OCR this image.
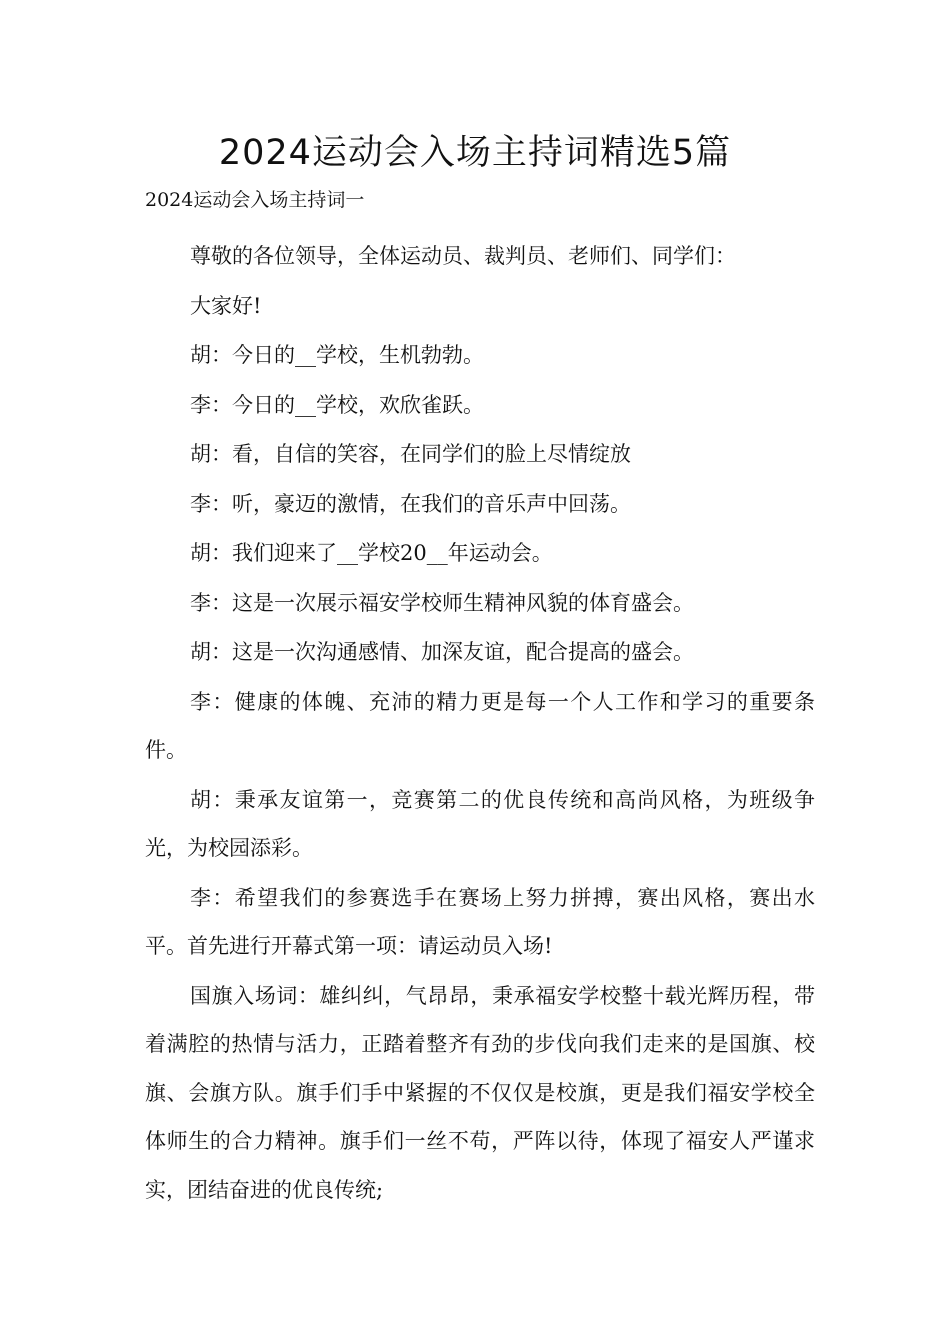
2024运动会入场主持词精选5篇
2024运动会入场主持词一

尊敬的各位领导，全体运动员、裁判员、老师们、同学们：

大家好!

胡：今日的__学校，生机勃勃。

李：今日的__学校，欢欣雀跃。

胡：看，自信的笑容，在同学们的脸上尽情绽放

李：听，豪迈的激情，在我们的音乐声中回荡。

胡：我们迎来了__学校20__年运动会。

李：这是一次展示福安学校师生精神风貌的体育盛会。

胡：这是一次沟通感情、加深友谊，配合提高的盛会。

李：健康的体魄、充沛的精力更是每一个人工作和学习的重要条件。

胡：秉承友谊第一，竞赛第二的优良传统和高尚风格，为班级争光，为校园添彩。

李：希望我们的参赛选手在赛场上努力拼搏，赛出风格，赛出水平。首先进行开幕式第一项：请运动员入场!

国旗入场词：雄纠纠，气昂昂，秉承福安学校整十载光辉历程，带着满腔的热情与活力，正踏着整齐有劲的步伐向我们走来的是国旗、校旗、会旗方队。旗手们手中紧握的不仅仅是校旗，更是我们福安学校全体师生的合力精神。旗手们一丝不苟，严阵以待，体现了福安人严谨求实，团结奋进的优良传统;
